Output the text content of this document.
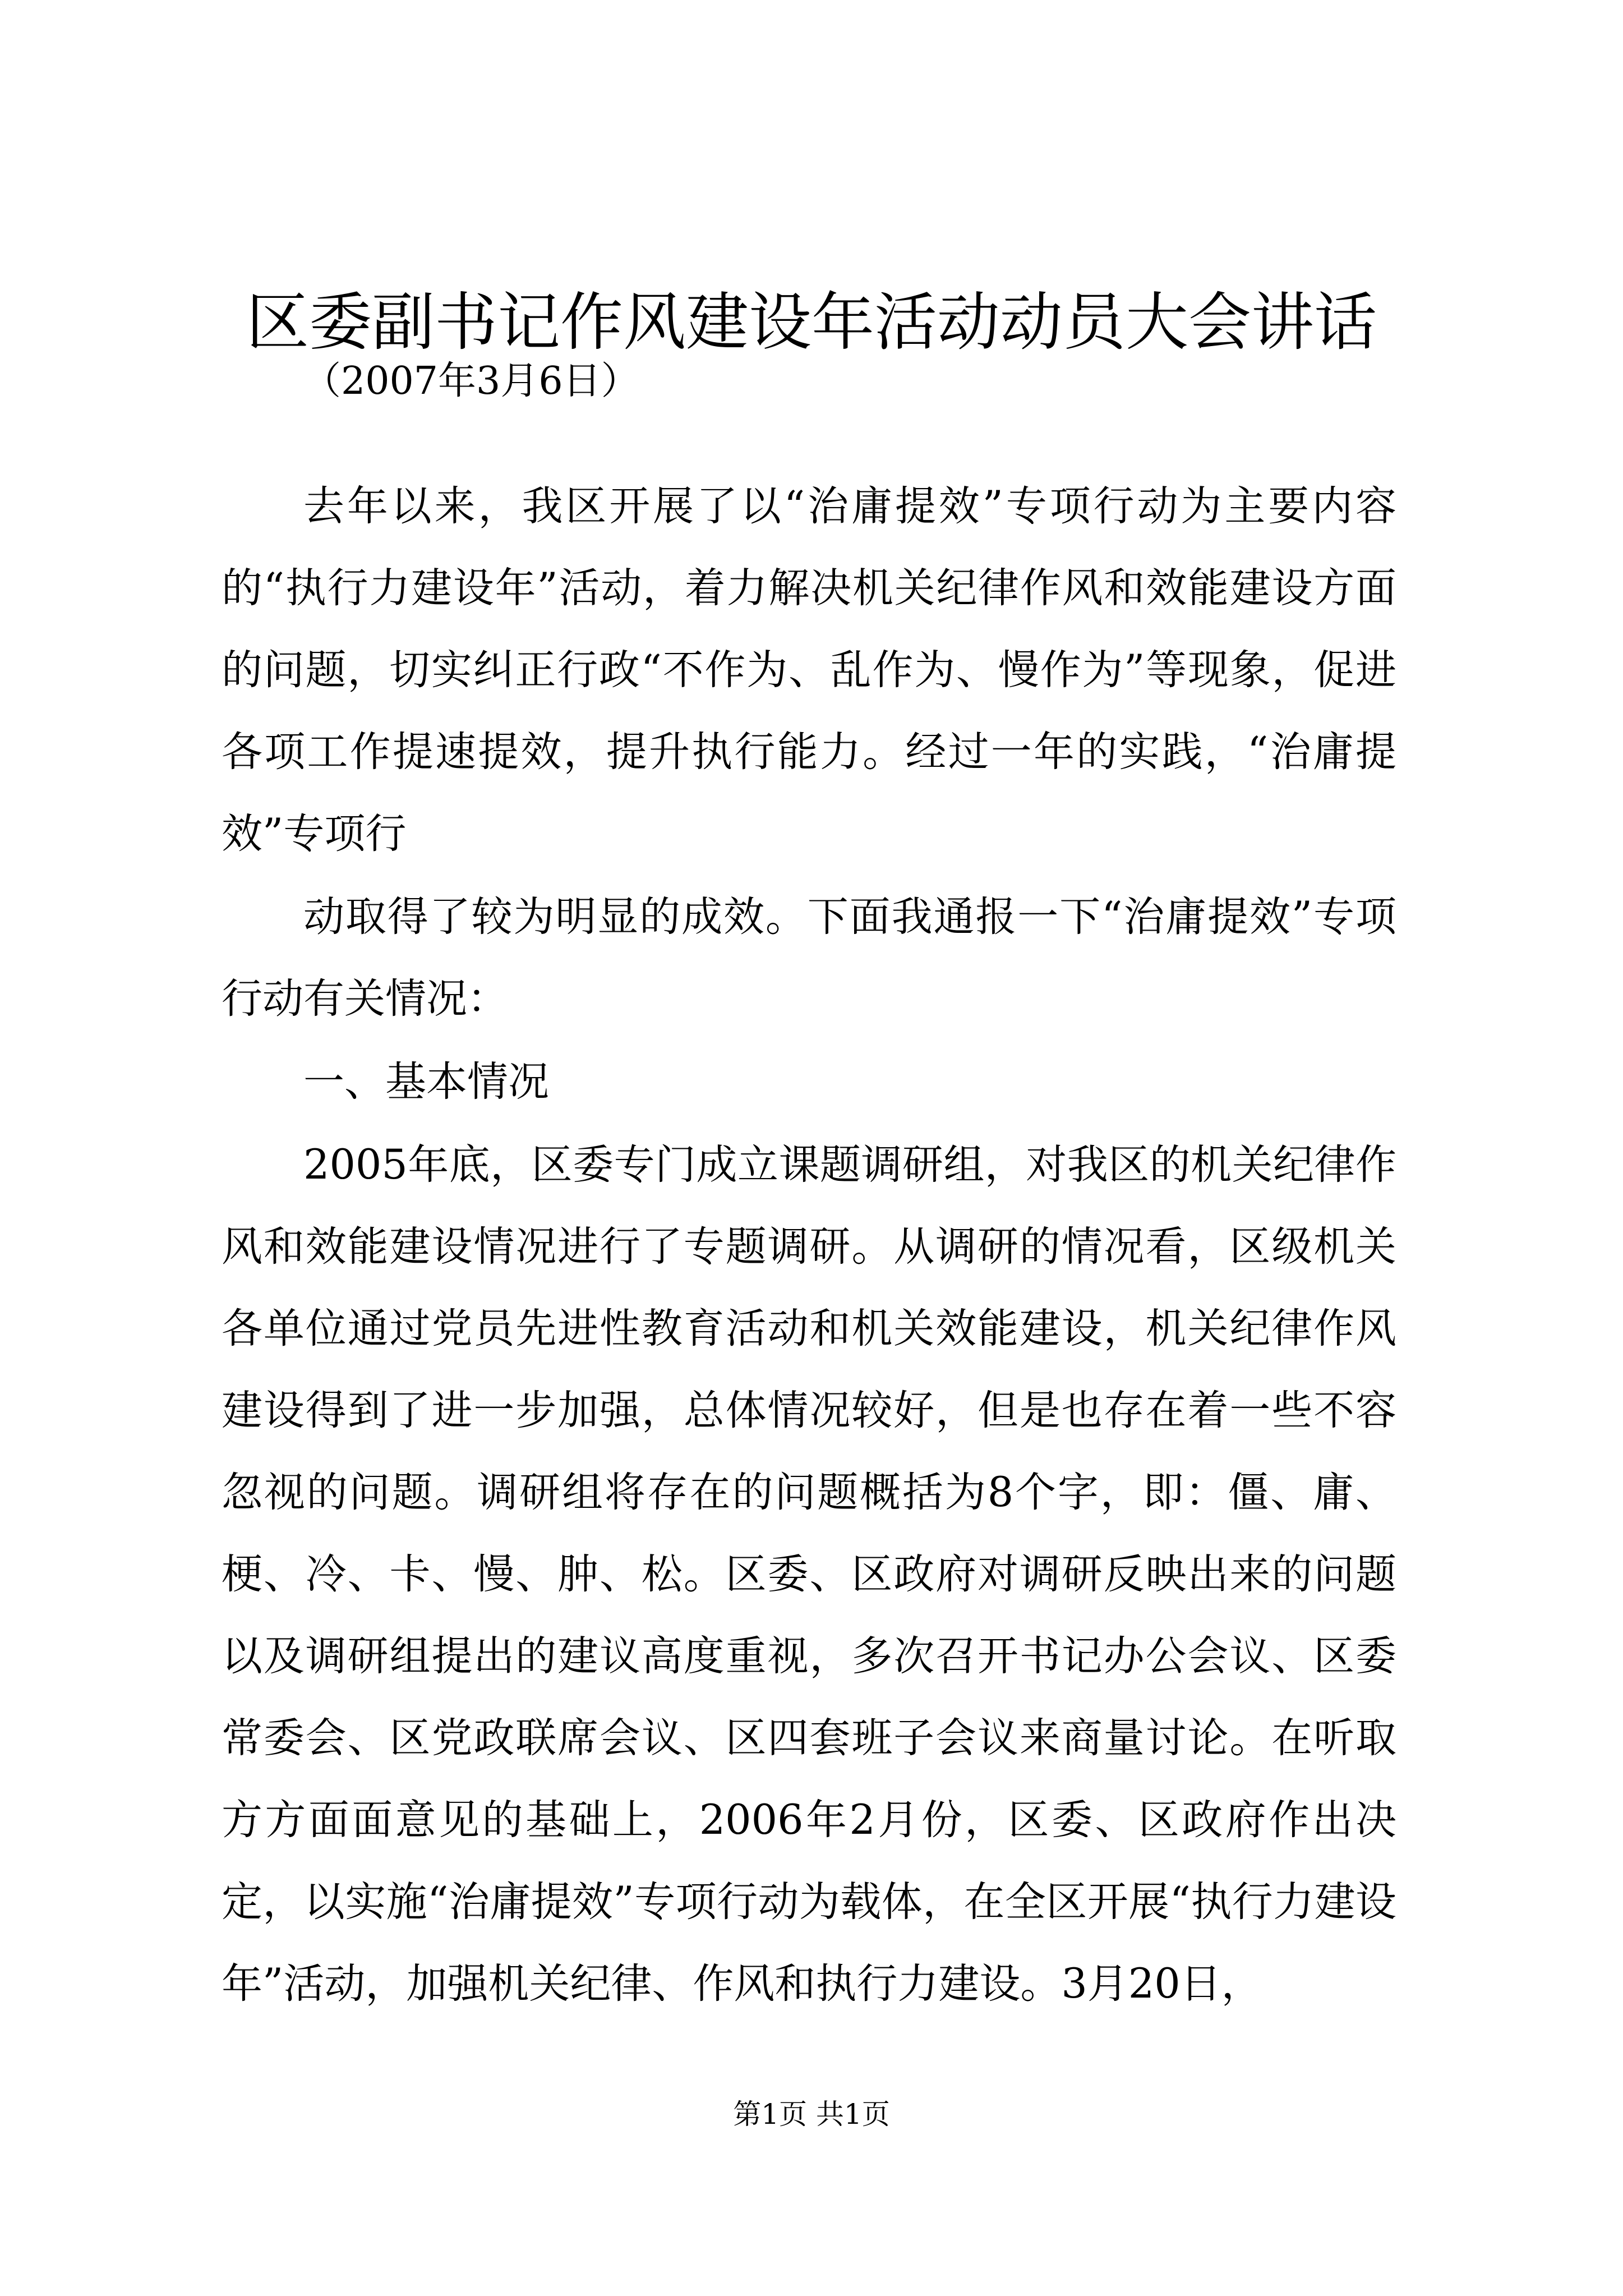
区委副书记作风建设年活动动员大会讲话
（2007年3月6日）

去年以来，我区开展了以“治庸提效”专项行动为主要内容的“执行力建设年”活动，着力解决机关纪律作风和效能建设方面的问题，切实纠正行政“不作为、乱作为、慢作为”等现象，促进各项工作提速提效，提升执行能力。经过一年的实践，“治庸提效”专项行

动取得了较为明显的成效。下面我通报一下“治庸提效”专项行动有关情况：

一、基本情况

2005年底，区委专门成立课题调研组，对我区的机关纪律作风和效能建设情况进行了专题调研。从调研的情况看，区级机关各单位通过党员先进性教育活动和机关效能建设，机关纪律作风建设得到了进一步加强，总体情况较好，但是也存在着一些不容忽视的问题。调研组将存在的问题概括为8个字，即：僵、庸、梗、冷、卡、慢、肿、松。区委、区政府对调研反映出来的问题以及调研组提出的建议高度重视，多次召开书记办公会议、区委常委会、区党政联席会议、区四套班子会议来商量讨论。在听取方方面面意见的基础上，2006年2月份，区委、区政府作出决定，以实施“治庸提效”专项行动为载体，在全区开展“执行力建设年”活动，加强机关纪律、作风和执行力建设。3月20日，

第1页 共1页
